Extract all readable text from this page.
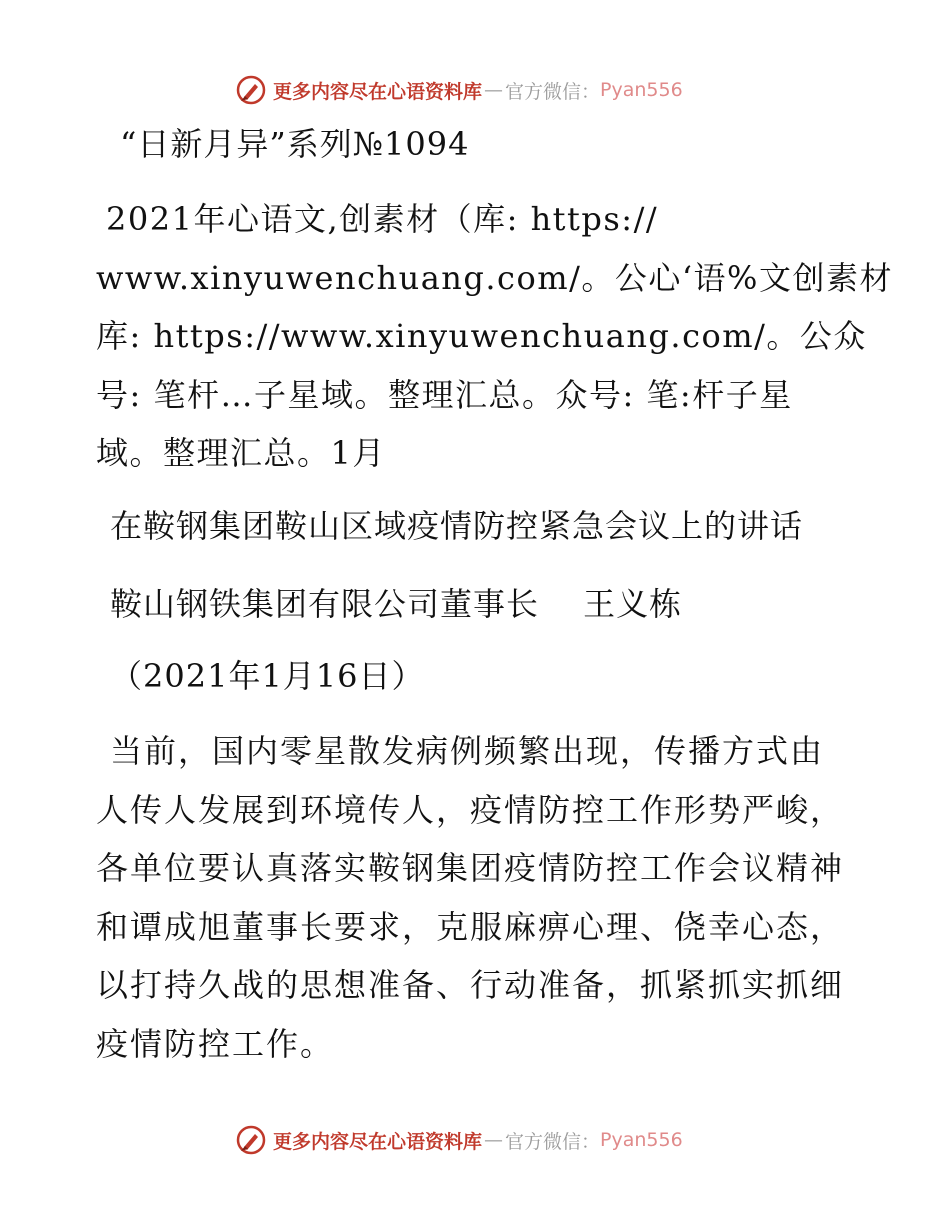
更多内容尽在心语资料库 — 官方微信： Pyan556
“日新月异”系列№1094
2021年心语文,创素材（库: https://
www.xinyuwenchuang.com/。公心‘语%文创素材
库: https://www.xinyuwenchuang.com/。公众
号: 笔杆…子星域。整理汇总。众号: 笔:杆子星
域。整理汇总。1月
在鞍钢集团鞍山区域疫情防控紧急会议上的讲话
鞍山钢铁集团有限公司董事长　 王义栋
（2021年1月16日）
当前，国内零星散发病例频繁出现，传播方式由
人传人发展到环境传人，疫情防控工作形势严峻，
各单位要认真落实鞍钢集团疫情防控工作会议精神
和谭成旭董事长要求，克服麻痹心理、侥幸心态，
以打持久战的思想准备、行动准备，抓紧抓实抓细
疫情防控工作。
更多内容尽在心语资料库 — 官方微信： Pyan556
